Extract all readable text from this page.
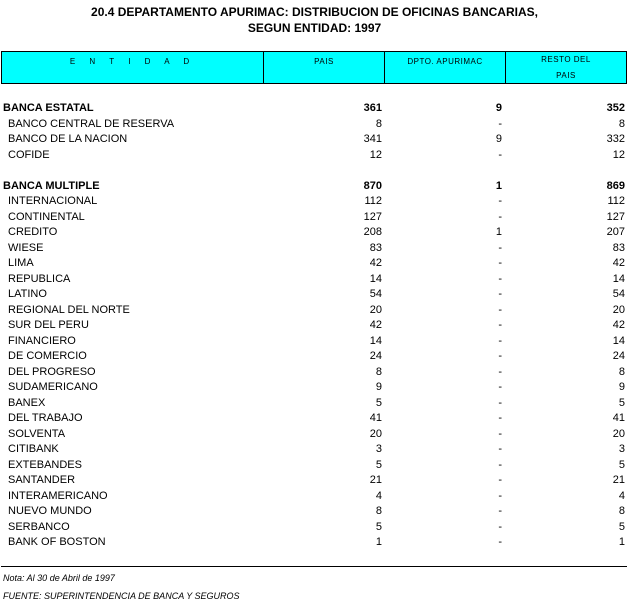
20.4 DEPARTAMENTO APURIMAC: DISTRIBUCION DE OFICINAS BANCARIAS,
SEGUN ENTIDAD: 1997
E N T I D A D	PAIS	DPTO. APURIMAC	RESTO DEL
PAIS
BANCA ESTATAL	361	9	352
BANCO CENTRAL DE RESERVA	8	-	8
BANCO DE LA NACION	341	9	332
COFIDE	12	-	12
BANCA MULTIPLE	870	1	869
INTERNACIONAL	112	-	112
CONTINENTAL	127	-	127
CREDITO	208	1	207
WIESE	83	-	83
LIMA	42	-	42
REPUBLICA	14	-	14
LATINO	54	-	54
REGIONAL DEL NORTE	20	-	20
SUR DEL PERU	42	-	42
FINANCIERO	14	-	14
DE COMERCIO	24	-	24
DEL PROGRESO	8	-	8
SUDAMERICANO	9	-	9
BANEX	5	-	5
DEL TRABAJO	41	-	41
SOLVENTA	20	-	20
CITIBANK	3	-	3
EXTEBANDES	5	-	5
SANTANDER	21	-	21
INTERAMERICANO	4	-	4
NUEVO MUNDO	8	-	8
SERBANCO	5	-	5
BANK OF BOSTON	1	-	1
Nota: Al 30 de Abril de 1997
FUENTE: SUPERINTENDENCIA DE BANCA Y SEGUROS
